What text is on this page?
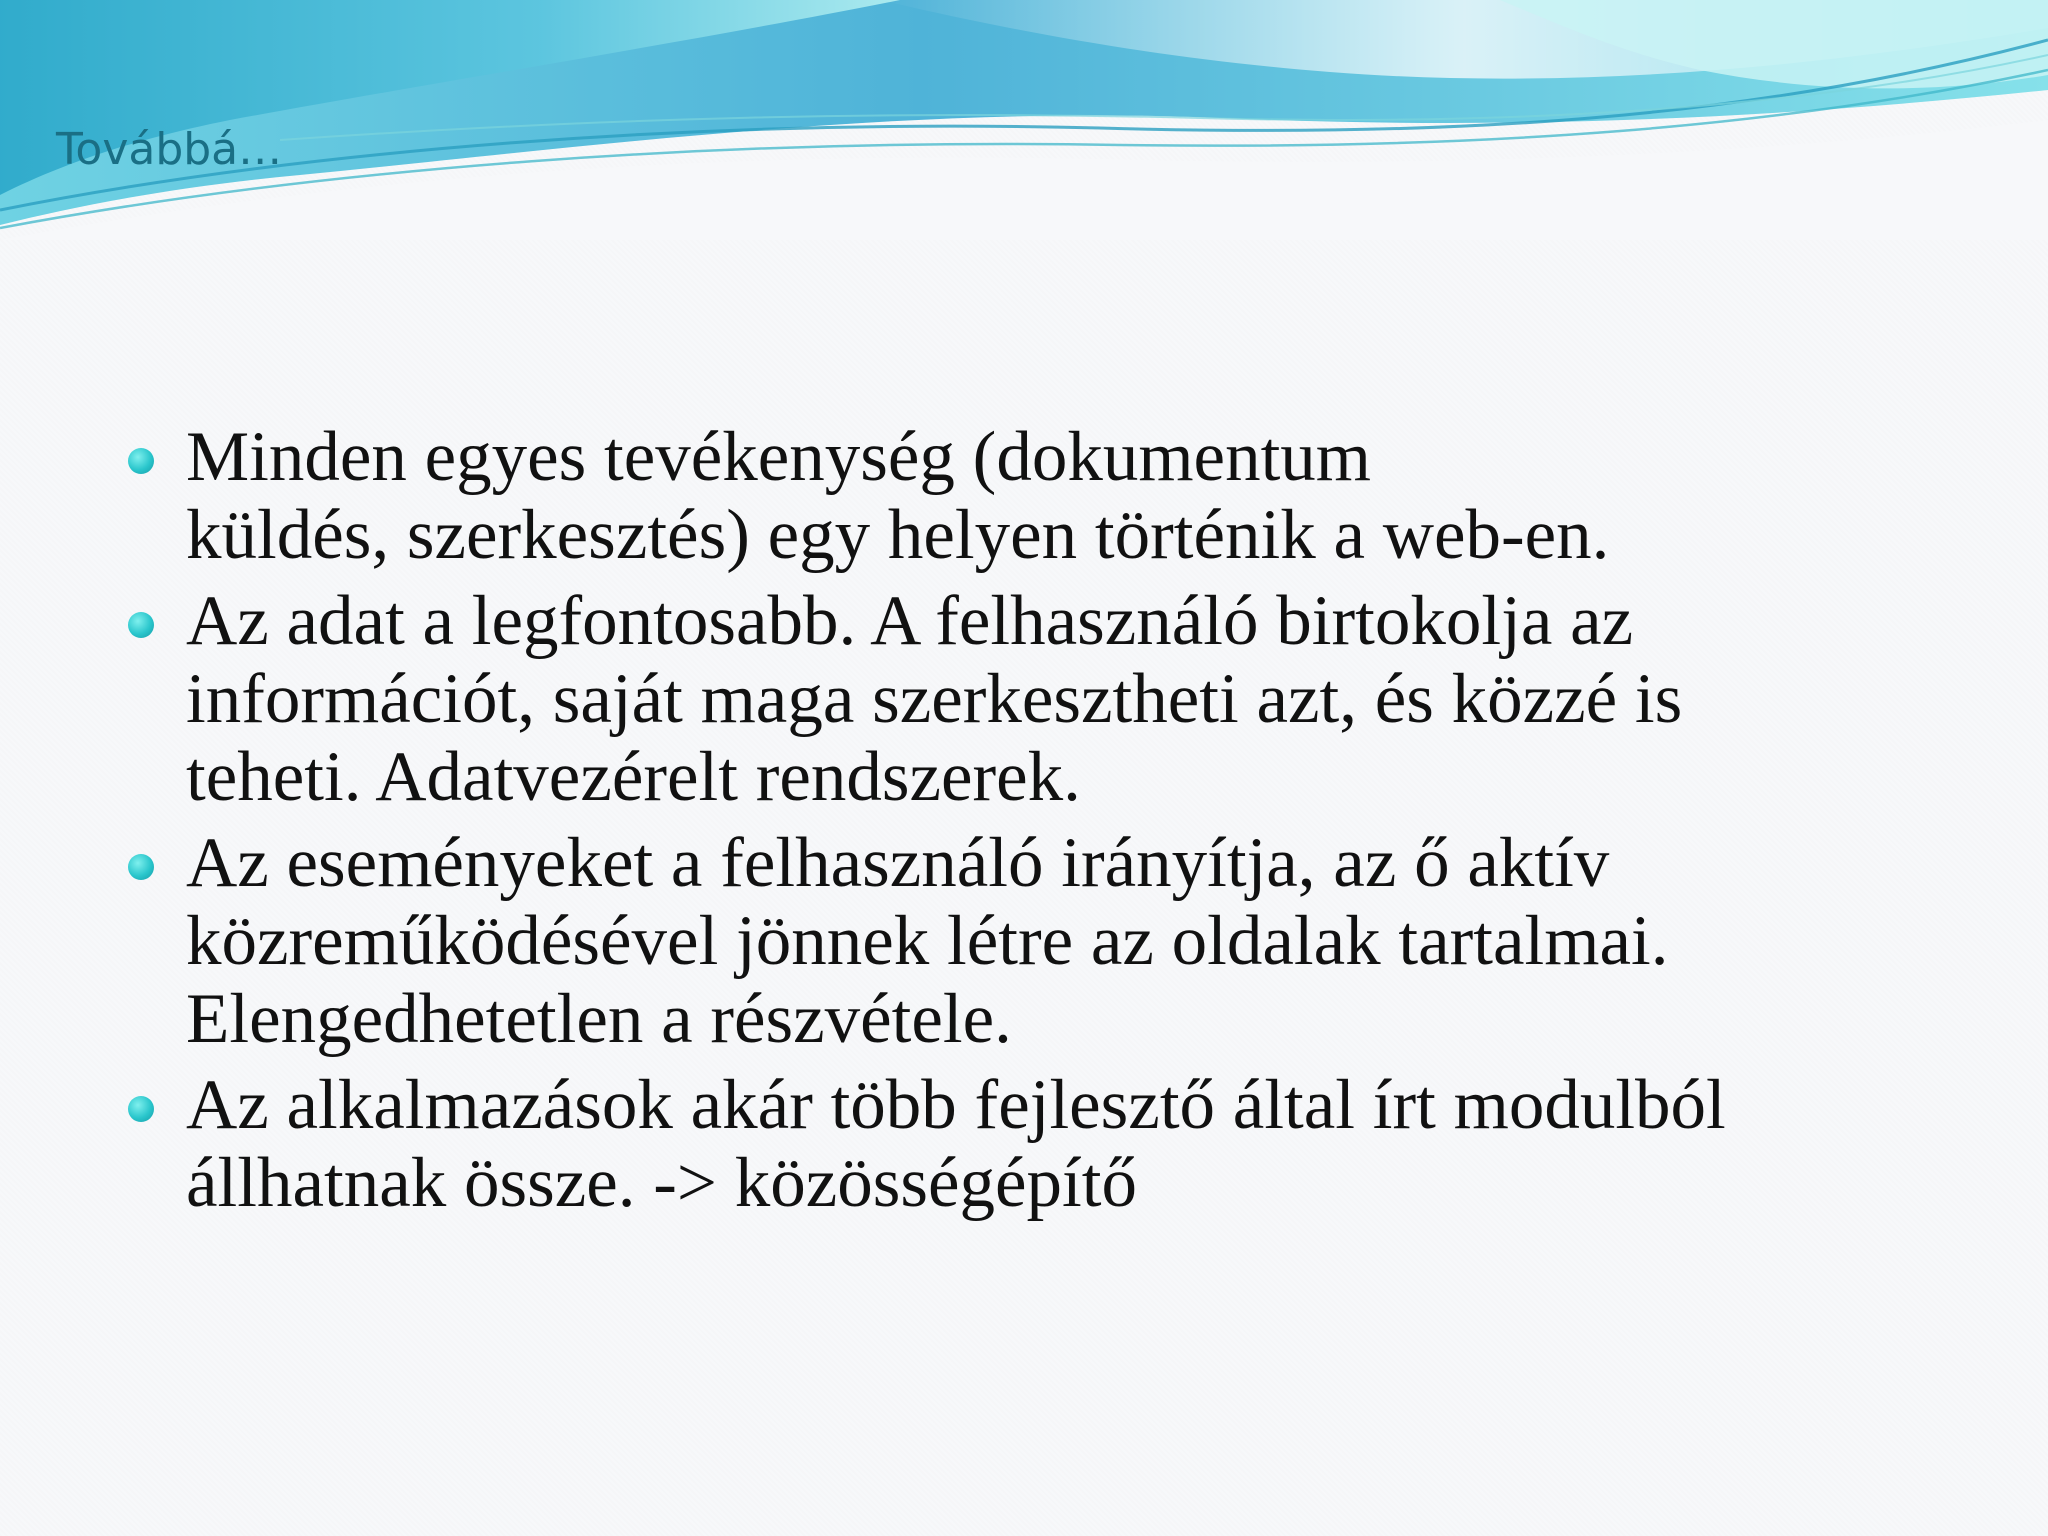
Továbbá…
Minden egyes tevékenység (dokumentum
küldés, szerkesztés) egy helyen történik a web-en.
Az adat a legfontosabb. A felhasználó birtokolja az
információt, saját maga szerkesztheti azt, és közzé is
teheti. Adatvezérelt rendszerek.
Az eseményeket a felhasználó irányítja, az ő aktív
közreműködésével jönnek létre az oldalak tartalmai.
Elengedhetetlen a részvétele.
Az alkalmazások akár több fejlesztő által írt modulból
állhatnak össze. -> közösségépítő
